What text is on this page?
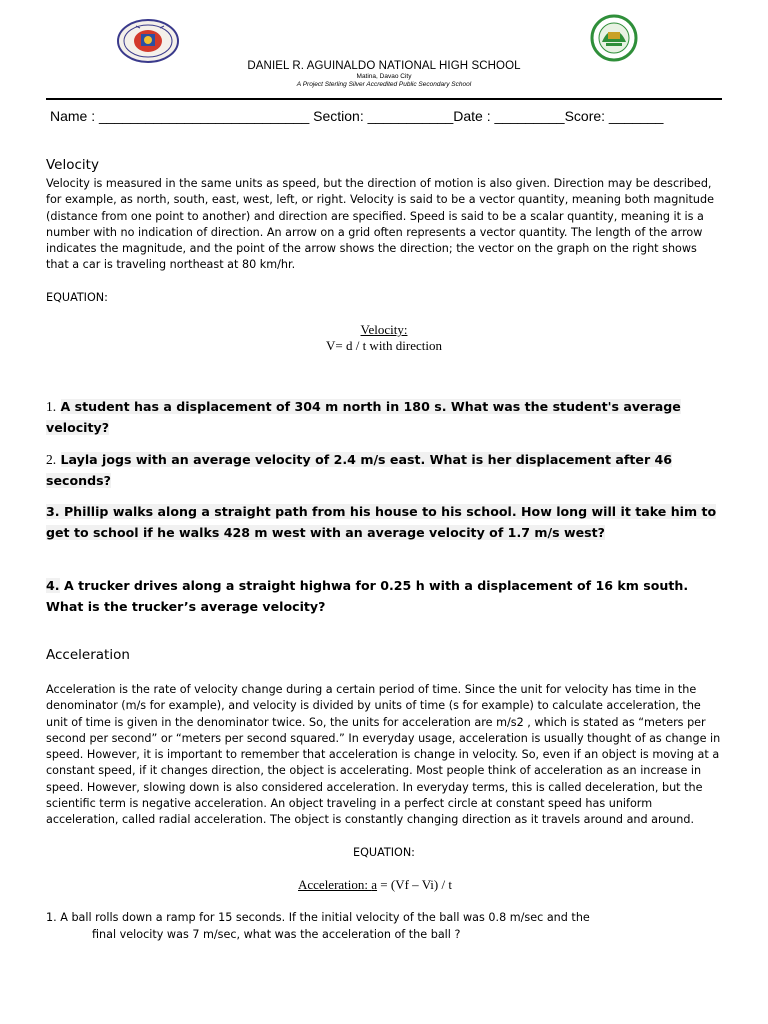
DANIEL R. AGUINALDO NATIONAL HIGH SCHOOL
Matina, Davao City
A Project Sterling Silver Accredited Public Secondary School
Name : ___________________________ Section: ___________Date : _________Score: _______
Velocity

Velocity is measured in the same units as speed, but the direction of motion is also given. Direction may be described, for example, as north, south, east, west, left, or right. Velocity is said to be a vector quantity, meaning both magnitude (distance from one point to another) and direction are specified. Speed is said to be a scalar quantity, meaning it is a number with no indication of direction. An arrow on a grid often represents a vector quantity. The length of the arrow indicates the magnitude, and the point of the arrow shows the direction; the vector on the graph on the right shows that a car is traveling northeast at 80 km/hr.

EQUATION:
Velocity:
V= d / t with direction
1. A student has a displacement of 304 m north in 180 s. What was the student's average velocity?
2. Layla jogs with an average velocity of 2.4 m/s east. What is her displacement after 46 seconds?
3. Phillip walks along a straight path from his house to his school. How long will it take him to get to school if he walks 428 m west with an average velocity of 1.7 m/s west?
4. A trucker drives along a straight highwa for 0.25 h with a displacement of 16 km south. What is the trucker’s average velocity?
Acceleration

Acceleration is the rate of velocity change during a certain period of time. Since the unit for velocity has time in the denominator (m/s for example), and velocity is divided by units of time (s for example) to calculate acceleration, the unit of time is given in the denominator twice. So, the units for acceleration are m/s2 , which is stated as “meters per second per second” or “meters per second squared.” In everyday usage, acceleration is usually thought of as change in speed. However, it is important to remember that acceleration is change in velocity. So, even if an object is moving at a constant speed, if it changes direction, the object is accelerating. Most people think of acceleration as an increase in speed. However, slowing down is also considered acceleration. In everyday terms, this is called deceleration, but the scientific term is negative acceleration. An object traveling in a perfect circle at constant speed has uniform acceleration, called radial acceleration. The object is constantly changing direction as it travels around and around.

EQUATION:
Acceleration: a = (Vf – Vi) / t
1. A ball rolls down a ramp for 15 seconds. If the initial velocity of the ball was 0.8 m/sec and the
final velocity was 7 m/sec, what was the acceleration of the ball ?
